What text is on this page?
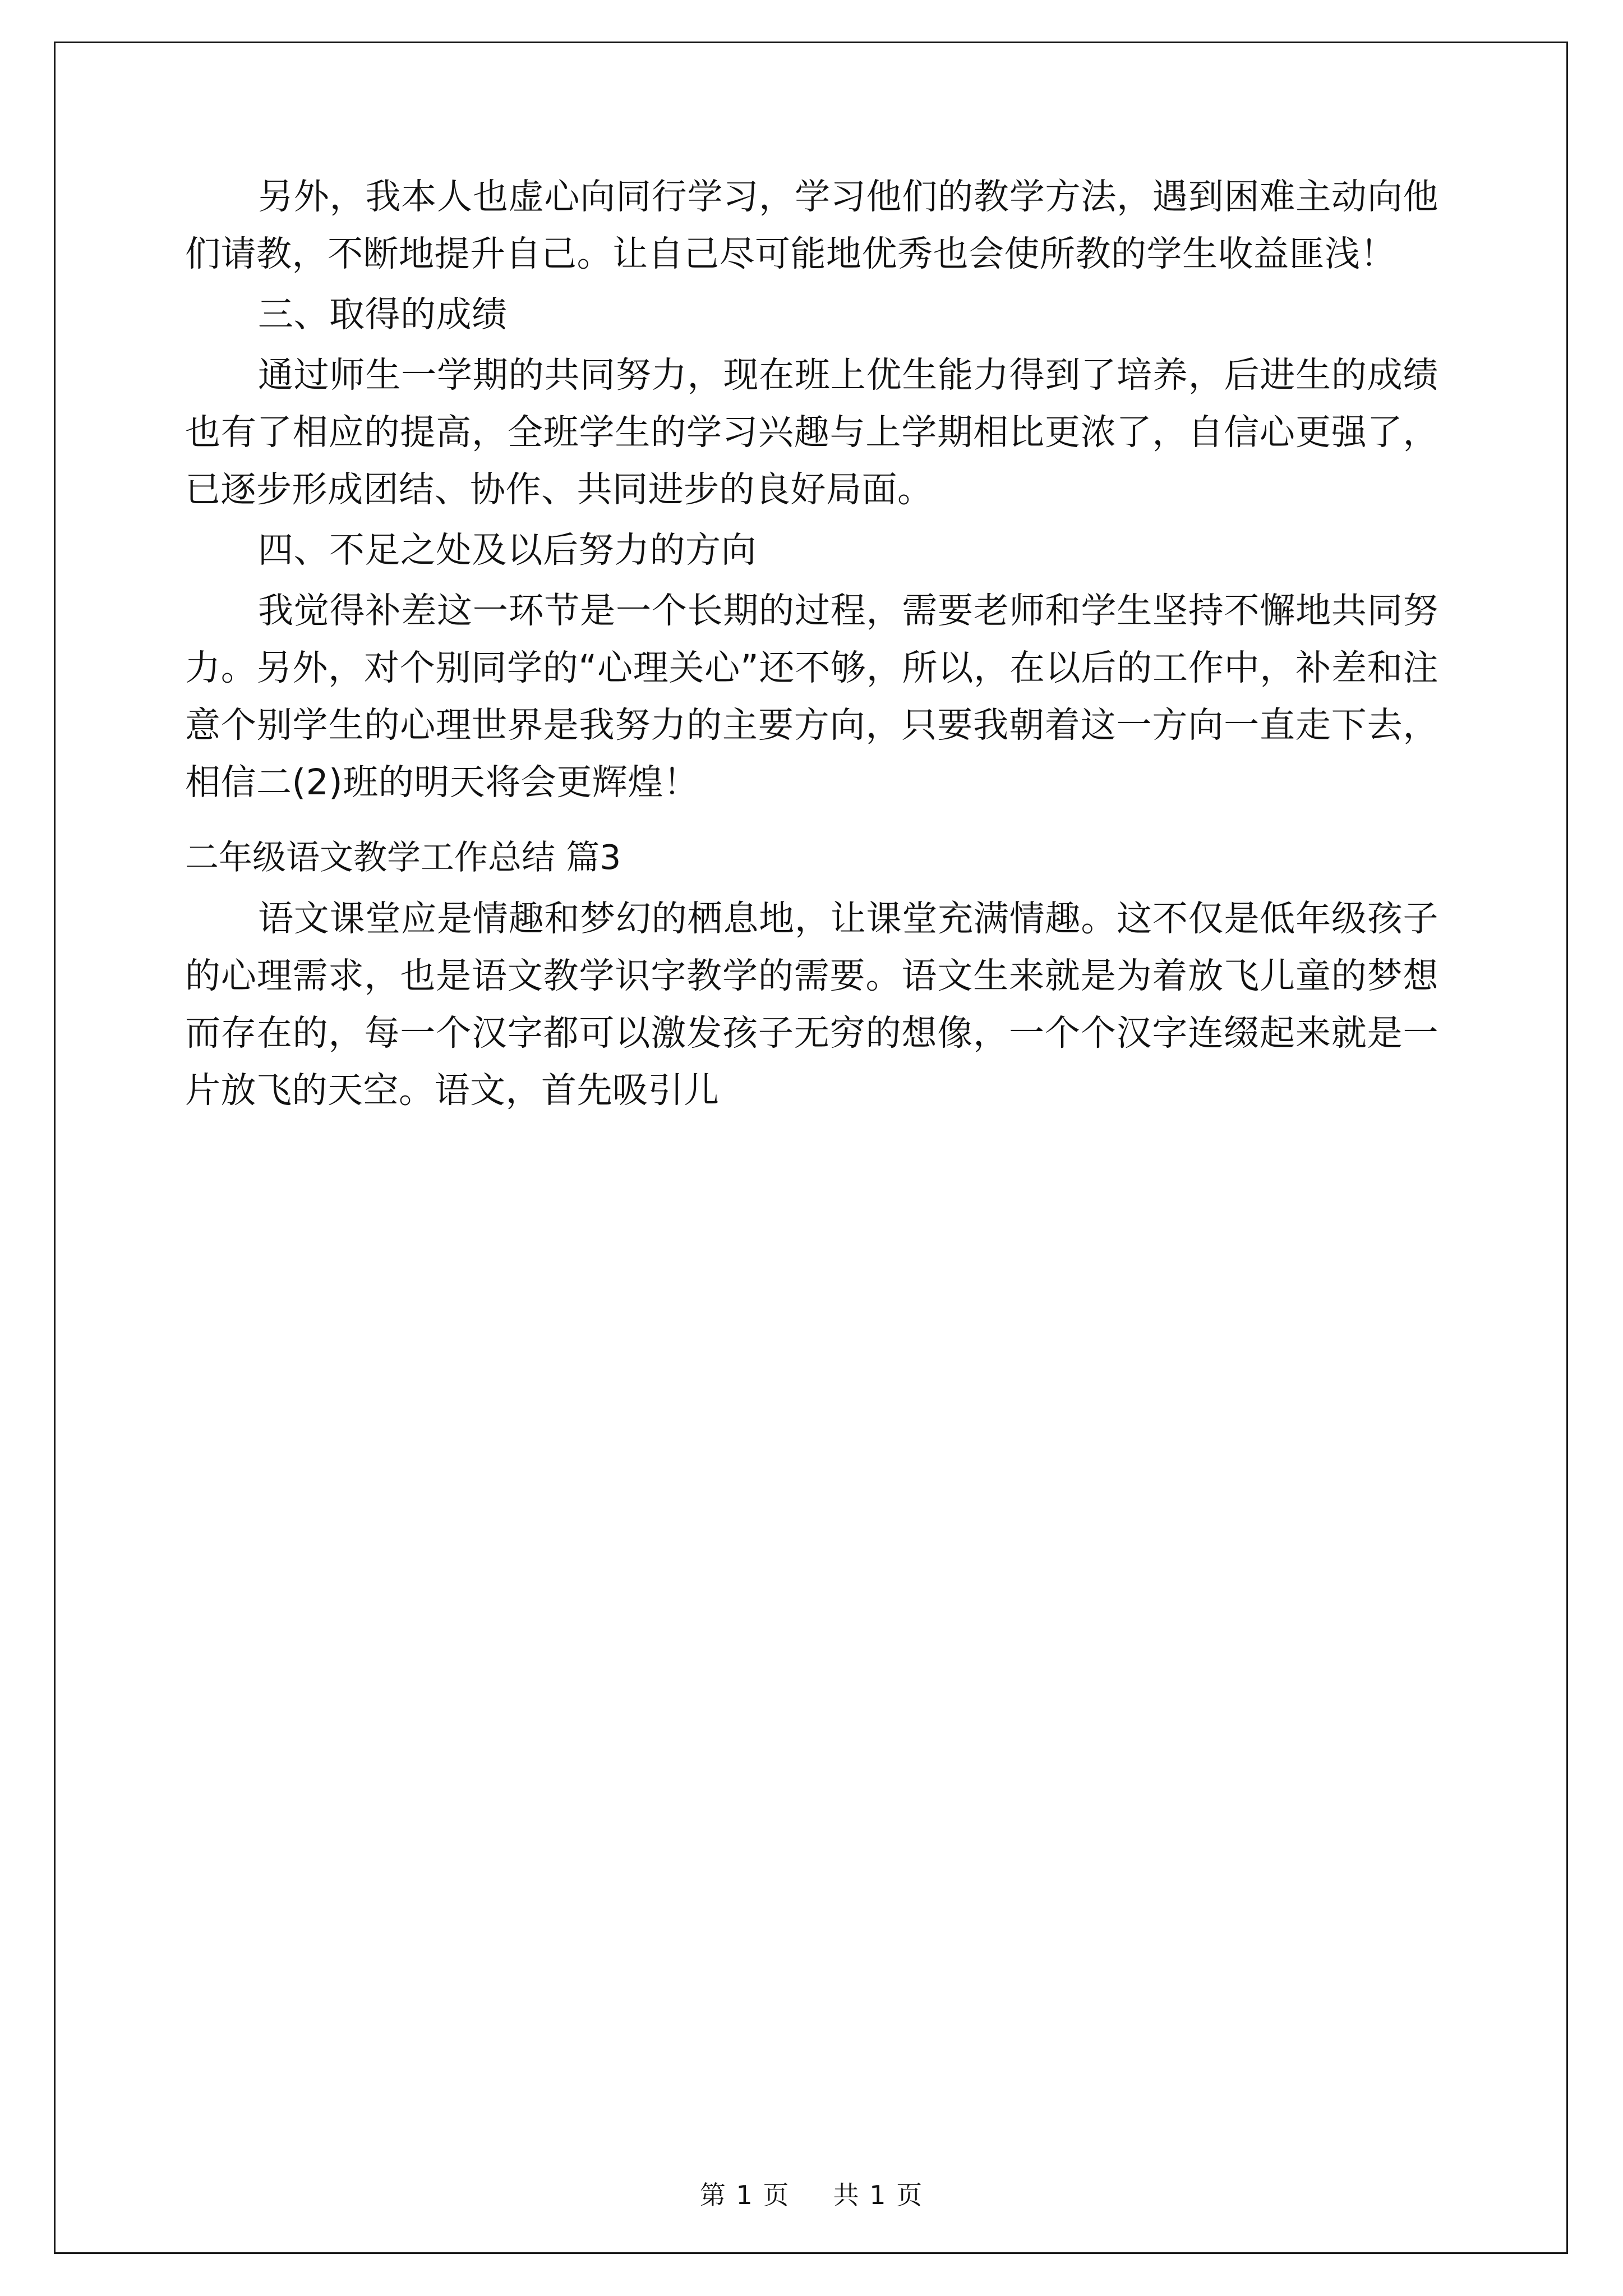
另外，我本人也虚心向同行学习，学习他们的教学方法，遇到困难主动向他们请教，不断地提升自己。让自己尽可能地优秀也会使所教的学生收益匪浅！

三、取得的成绩

通过师生一学期的共同努力，现在班上优生能力得到了培养，后进生的成绩也有了相应的提高，全班学生的学习兴趣与上学期相比更浓了，自信心更强了，已逐步形成团结、协作、共同进步的良好局面。

四、不足之处及以后努力的方向

我觉得补差这一环节是一个长期的过程，需要老师和学生坚持不懈地共同努力。另外，对个别同学的“心理关心”还不够，所以，在以后的工作中，补差和注意个别学生的心理世界是我努力的主要方向，只要我朝着这一方向一直走下去，相信二(2)班的明天将会更辉煌！

二年级语文教学工作总结 篇3

语文课堂应是情趣和梦幻的栖息地，让课堂充满情趣。这不仅是低年级孩子的心理需求，也是语文教学识字教学的需要。语文生来就是为着放飞儿童的梦想而存在的，每一个汉字都可以激发孩子无穷的想像，一个个汉字连缀起来就是一片放飞的天空。语文，首先吸引儿

第 1 页 共 1 页
